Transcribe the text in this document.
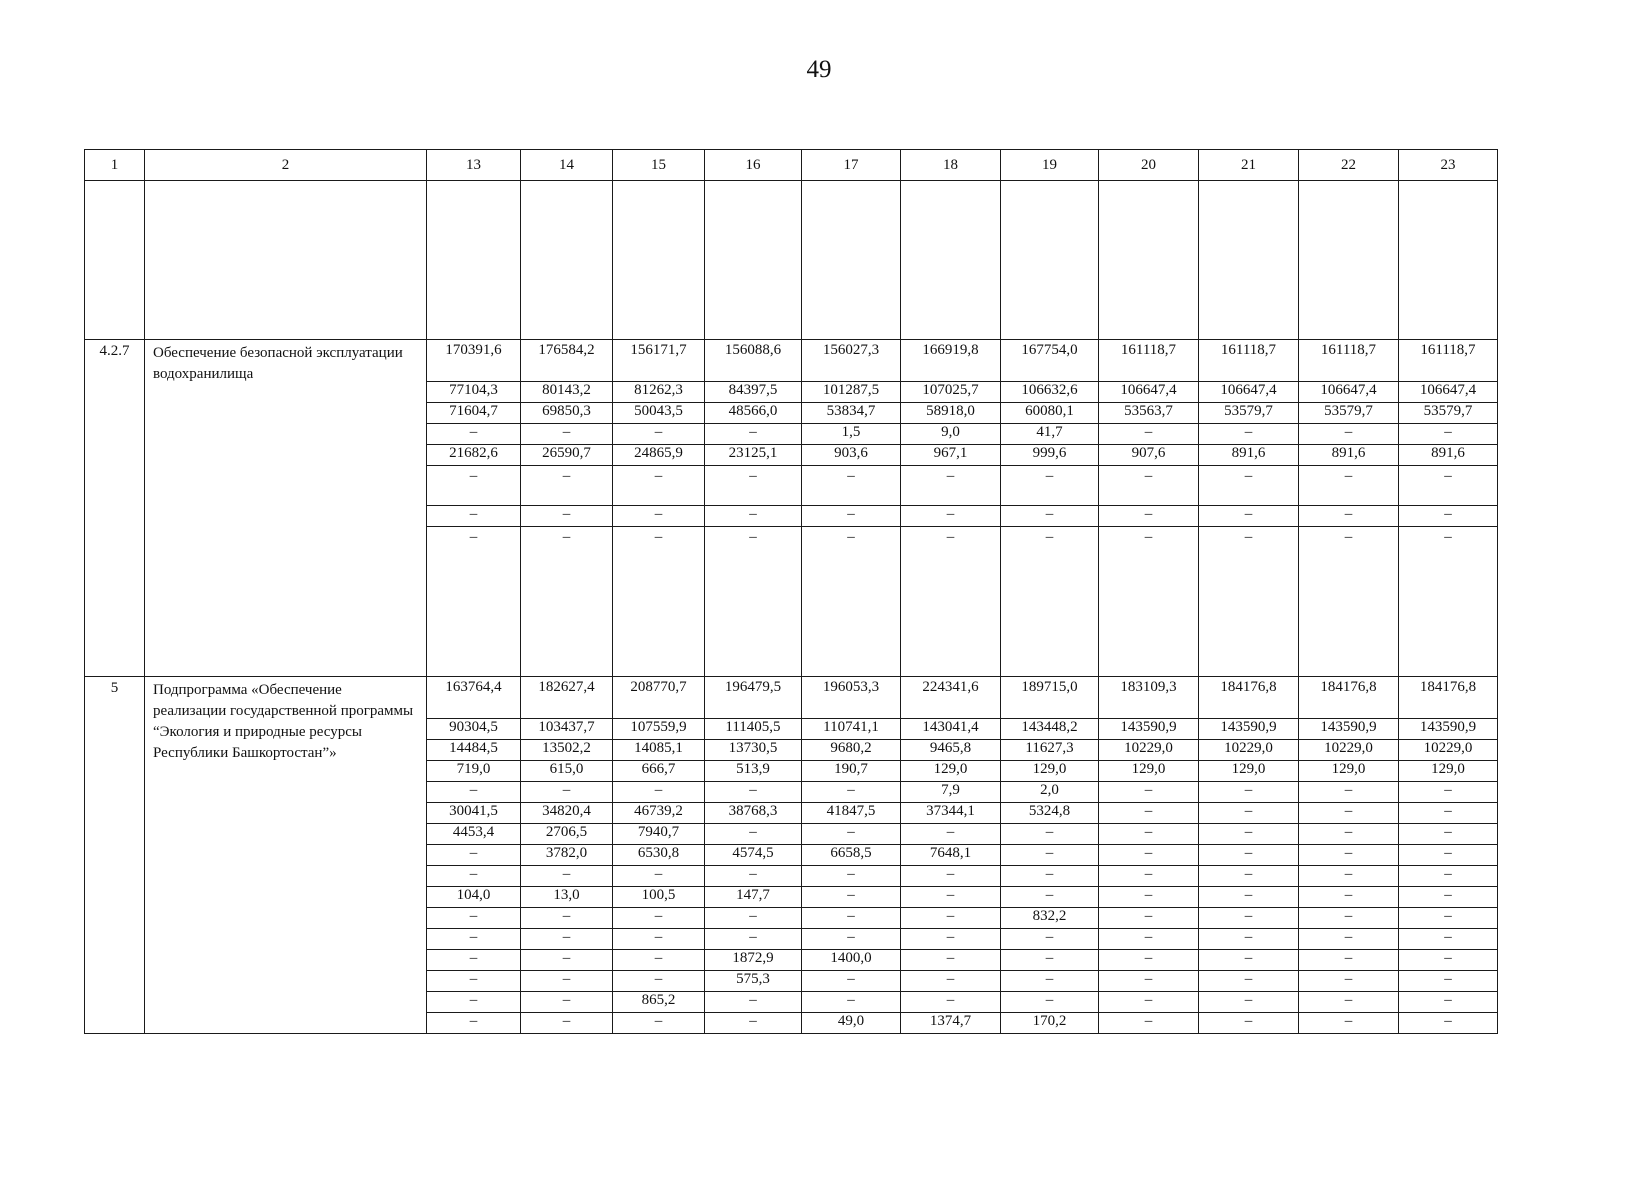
49
1	2	13	14	15	16	17	18	19	20	21	22	23

4.2.7	Обеспечение безопасной эксплуатации водохранилища	170391,6	176584,2	156171,7	156088,6	156027,3	166919,8	167754,0	161118,7	161118,7	161118,7	161118,7
		77104,3	80143,2	81262,3	84397,5	101287,5	107025,7	106632,6	106647,4	106647,4	106647,4	106647,4
		71604,7	69850,3	50043,5	48566,0	53834,7	58918,0	60080,1	53563,7	53579,7	53579,7	53579,7
		–	–	–	–	1,5	9,0	41,7	–	–	–	–
		21682,6	26590,7	24865,9	23125,1	903,6	967,1	999,6	907,6	891,6	891,6	891,6
		–	–	–	–	–	–	–	–	–	–	–
		–	–	–	–	–	–	–	–	–	–	–
		–	–	–	–	–	–	–	–	–	–	–
5	Подпрограмма «Обеспечение реализации государственной программы “Экология и природные ресурсы Республики Башкортостан”»	163764,4	182627,4	208770,7	196479,5	196053,3	224341,6	189715,0	183109,3	184176,8	184176,8	184176,8
		90304,5	103437,7	107559,9	111405,5	110741,1	143041,4	143448,2	143590,9	143590,9	143590,9	143590,9
		14484,5	13502,2	14085,1	13730,5	9680,2	9465,8	11627,3	10229,0	10229,0	10229,0	10229,0
		719,0	615,0	666,7	513,9	190,7	129,0	129,0	129,0	129,0	129,0	129,0
		–	–	–	–	–	7,9	2,0	–	–	–	–
		30041,5	34820,4	46739,2	38768,3	41847,5	37344,1	5324,8	–	–	–	–
		4453,4	2706,5	7940,7	–	–	–	–	–	–	–	–
		–	3782,0	6530,8	4574,5	6658,5	7648,1	–	–	–	–	–
		–	–	–	–	–	–	–	–	–	–	–
		104,0	13,0	100,5	147,7	–	–	–	–	–	–	–
		–	–	–	–	–	–	832,2	–	–	–	–
		–	–	–	–	–	–	–	–	–	–	–
		–	–	–	1872,9	1400,0	–	–	–	–	–	–
		–	–	–	575,3	–	–	–	–	–	–	–
		–	–	865,2	–	–	–	–	–	–	–	–
		–	–	–	–	49,0	1374,7	170,2	–	–	–	–
